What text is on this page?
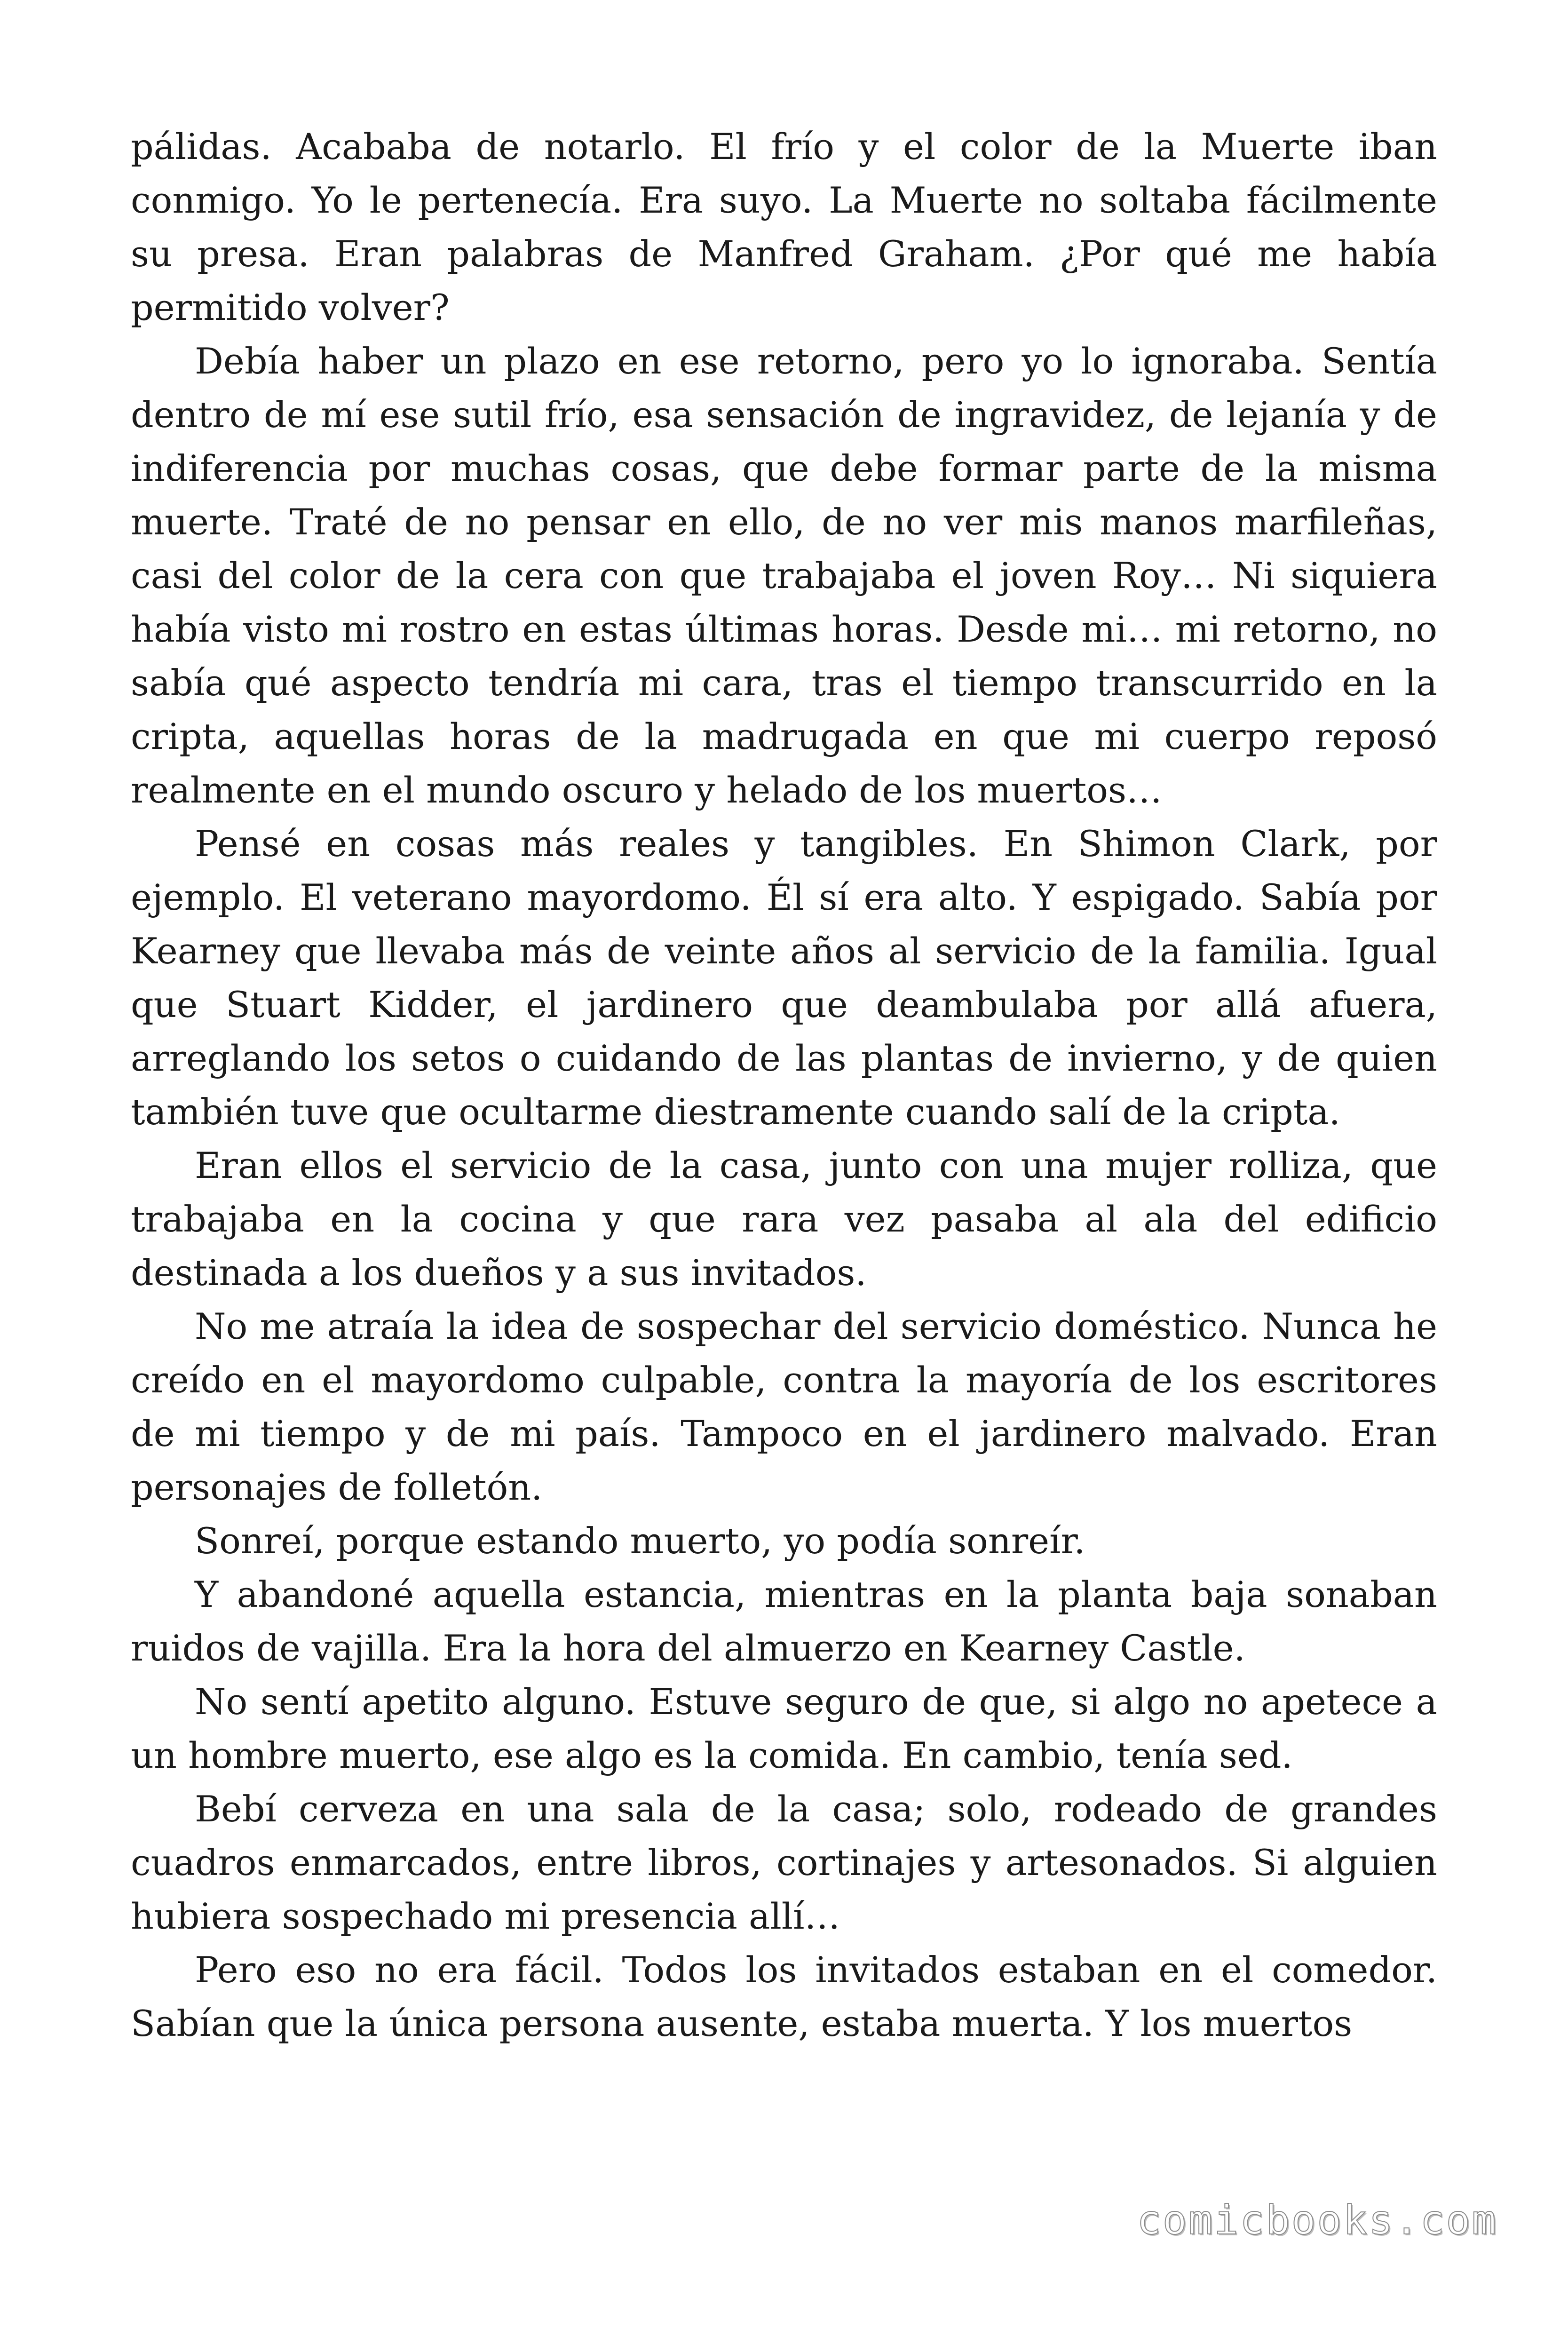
pálidas. Acababa de notarlo. El frío y el color de la Muerte iban conmigo. Yo le pertenecía. Era suyo. La Muerte no soltaba fácilmente su presa. Eran palabras de Manfred Graham. ¿Por qué me había permitido volver?

Debía haber un plazo en ese retorno, pero yo lo ignoraba. Sentía dentro de mí ese sutil frío, esa sensación de ingravidez, de lejanía y de indiferencia por muchas cosas, que debe formar parte de la misma muerte. Traté de no pensar en ello, de no ver mis manos marfileñas, casi del color de la cera con que trabajaba el joven Roy… Ni siquiera había visto mi rostro en estas últimas horas. Desde mi… mi retorno, no sabía qué aspecto tendría mi cara, tras el tiempo transcurrido en la cripta, aquellas horas de la madrugada en que mi cuerpo reposó realmente en el mundo oscuro y helado de los muertos…

Pensé en cosas más reales y tangibles. En Shimon Clark, por ejemplo. El veterano mayordomo. Él sí era alto. Y espigado. Sabía por Kearney que llevaba más de veinte años al servicio de la familia. Igual que Stuart Kidder, el jardinero que deambulaba por allá afuera, arreglando los setos o cuidando de las plantas de invierno, y de quien también tuve que ocultarme diestramente cuando salí de la cripta.

Eran ellos el servicio de la casa, junto con una mujer rolliza, que trabajaba en la cocina y que rara vez pasaba al ala del edificio destinada a los dueños y a sus invitados.

No me atraía la idea de sospechar del servicio doméstico. Nunca he creído en el mayordomo culpable, contra la mayoría de los escritores de mi tiempo y de mi país. Tampoco en el jardinero malvado. Eran personajes de folletón.

Sonreí, porque estando muerto, yo podía sonreír.

Y abandoné aquella estancia, mientras en la planta baja sonaban ruidos de vajilla. Era la hora del almuerzo en Kearney Castle.

No sentí apetito alguno. Estuve seguro de que, si algo no apetece a un hombre muerto, ese algo es la comida. En cambio, tenía sed.

Bebí cerveza en una sala de la casa; solo, rodeado de grandes cuadros enmarcados, entre libros, cortinajes y artesonados. Si alguien hubiera sospechado mi presencia allí…

Pero eso no era fácil. Todos los invitados estaban en el comedor. Sabían que la única persona ausente, estaba muerta. Y los muertos

comicbooks.com
